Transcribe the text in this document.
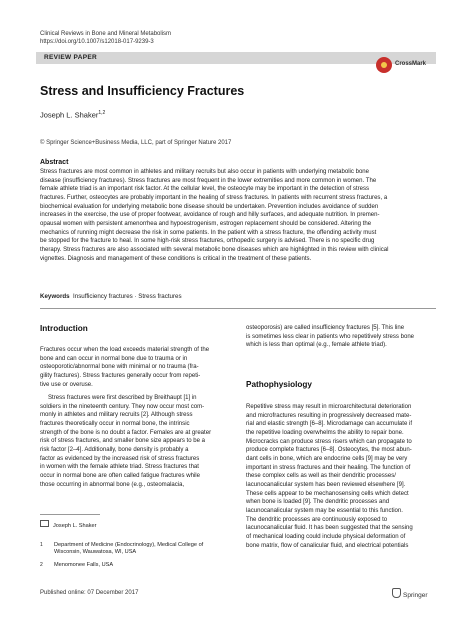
Clinical Reviews in Bone and Mineral Metabolism
https://doi.org/10.1007/s12018-017-9239-3
REVIEW PAPER
CrossMark
Stress and Insufficiency Fractures
Joseph L. Shaker$^{1,2}$
© Springer Science+Business Media, LLC, part of Springer Nature 2017
Abstract
Stress fractures are most common in athletes and military recruits but also occur in patients with underlying metabolic bone
disease (insufficiency fractures). Stress fractures are most frequent in the lower extremities and more common in women. The
female athlete triad is an important risk factor. At the cellular level, the osteocyte may be important in the detection of stress
fractures. Further, osteocytes are probably important in the healing of stress fractures. In patients with recurrent stress fractures, a
biochemical evaluation for underlying metabolic bone disease should be undertaken. Prevention includes avoidance of sudden
increases in the exercise, the use of proper footwear, avoidance of rough and hilly surfaces, and adequate nutrition. In premen-
opausal women with persistent amenorrhea and hypoestrogenism, estrogen replacement should be considered. Altering the
mechanics of running might decrease the risk in some patients. In the patient with a stress fracture, the offending activity must
be stopped for the fracture to heal. In some high-risk stress fractures, orthopedic surgery is advised. There is no specific drug
therapy. Stress fractures are also associated with several metabolic bone diseases which are highlighted in this review with clinical
vignettes. Diagnosis and management of these conditions is critical in the treatment of these patients.
Keywords Insufficiency fractures · Stress fractures
Introduction
Fractures occur when the load exceeds material strength of the
bone and can occur in normal bone due to trauma or in
osteoporotic/abnormal bone with minimal or no trauma (fra-
gility fractures). Stress fractures generally occur from repeti-
tive use or overuse.
Stress fractures were first described by Breithaupt [1] in
soldiers in the nineteenth century. They now occur most com-
monly in athletes and military recruits [2]. Although stress
fractures theoretically occur in normal bone, the intrinsic
strength of the bone is no doubt a factor. Females are at greater
risk of stress fractures, and smaller bone size appears to be a
risk factor [2–4]. Additionally, bone density is probably a
factor as evidenced by the increased risk of stress fractures
in women with the female athlete triad. Stress fractures that
occur in normal bone are often called fatigue fractures while
those occurring in abnormal bone (e.g., osteomalacia,
Joseph L. Shaker
1 Department of Medicine (Endocrinology), Medical College of
Wisconsin, Wauwatosa, WI, USA
2 Menomonee Falls, USA
osteoporosis) are called insufficiency fractures [5]. This line
is sometimes less clear in patients who repetitively stress bone
which is less than optimal (e.g., female athlete triad).
Pathophysiology
Repetitive stress may result in microarchitectural deterioration
and microfractures resulting in progressively decreased mate-
rial and elastic strength [6–8]. Microdamage can accumulate if
the repetitive loading overwhelms the ability to repair bone.
Microcracks can produce stress risers which can propagate to
produce complete fractures [6–8]. Osteocytes, the most abun-
dant cells in bone, which are endocrine cells [9] may be very
important in stress fractures and their healing. The function of
these complex cells as well as their dendritic processes/
lacunocanalicular system has been reviewed elsewhere [9].
These cells appear to be mechanosensing cells which detect
when bone is loaded [9]. The dendritic processes and
lacunocanalicular system may be essential to this function.
The dendritic processes are continuously exposed to
lacunocanalicular fluid. It has been suggested that the sensing
of mechanical loading could include physical deformation of
bone matrix, flow of canalicular fluid, and electrical potentials
Published online: 07 December 2017	Springer
